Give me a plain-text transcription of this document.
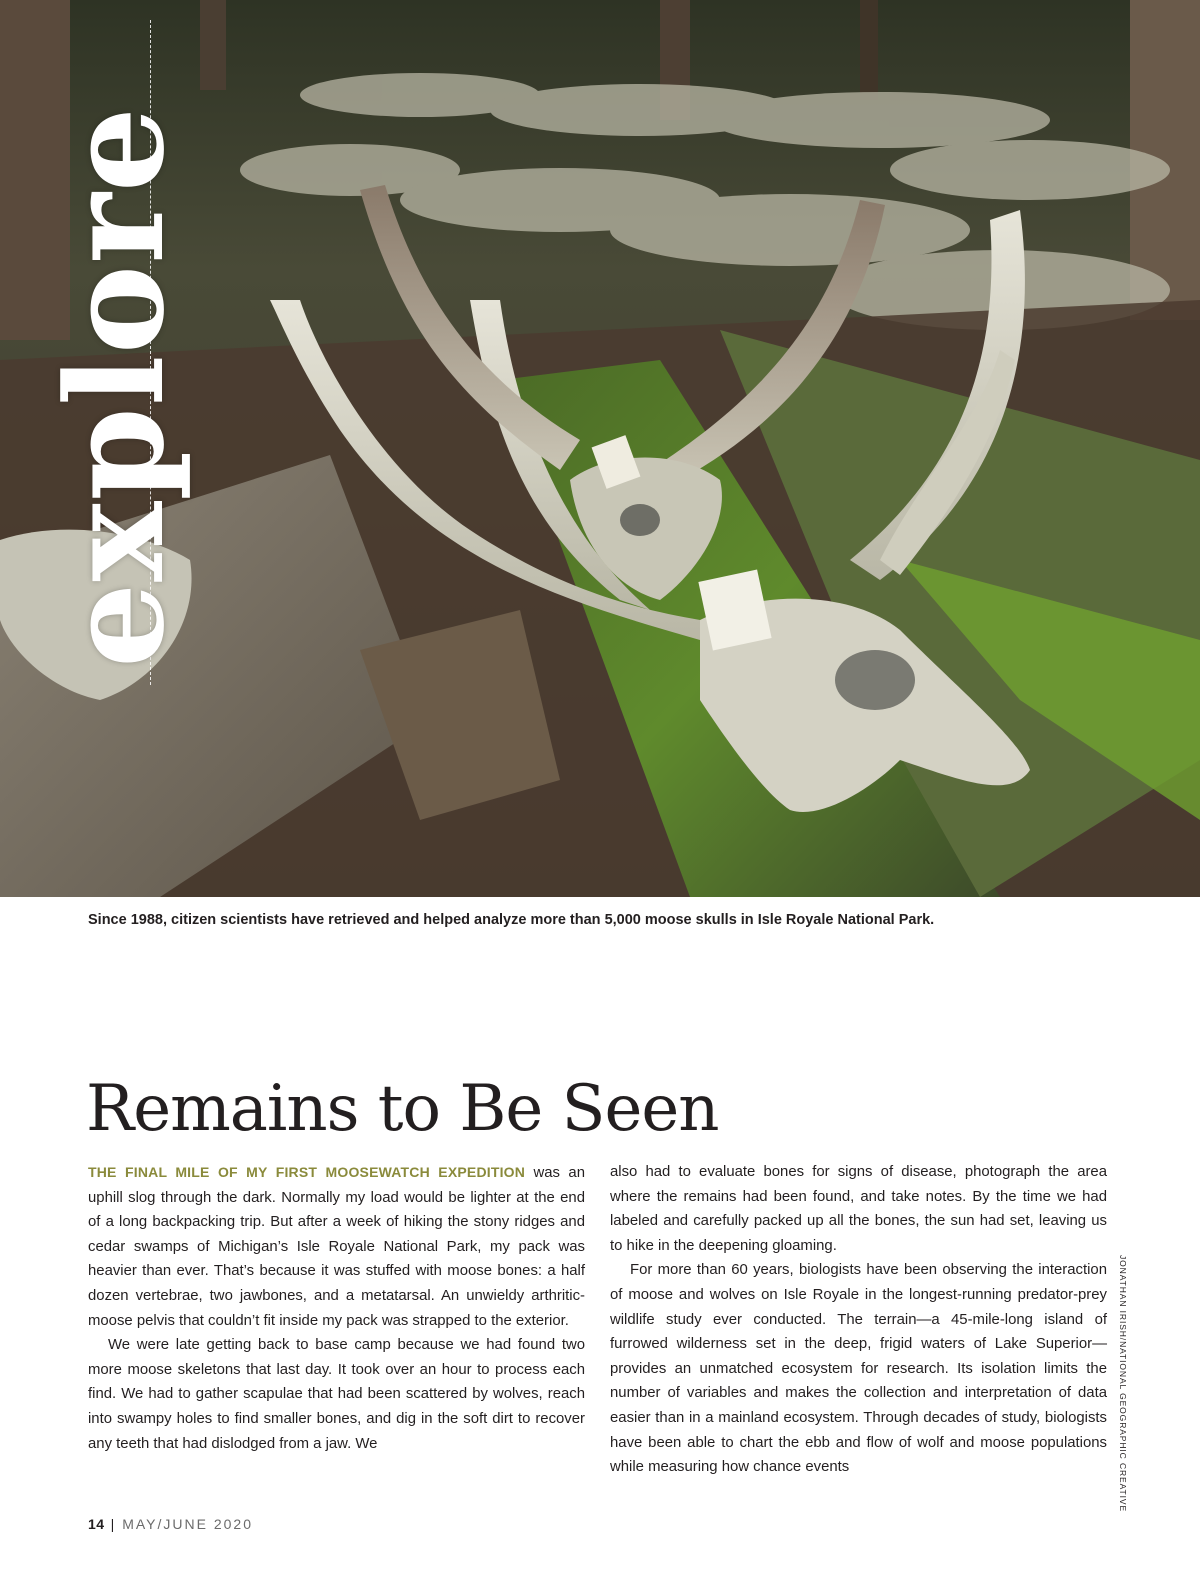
explore
Since 1988, citizen scientists have retrieved and helped analyze more than 5,000 moose skulls in Isle Royale National Park.
Remains to Be Seen

THE FINAL MILE OF MY FIRST MOOSEWATCH EXPEDITION was an uphill slog through the dark. Normally my load would be lighter at the end of a long backpacking trip. But after a week of hiking the stony ridges and cedar swamps of Michigan’s Isle Royale National Park, my pack was heavier than ever. That’s because it was stuffed with moose bones: a half dozen vertebrae, two jawbones, and a metatarsal. An unwieldy arthritic-moose pelvis that couldn’t fit inside my pack was strapped to the exterior.

We were late getting back to base camp because we had found two more moose skeletons that last day. It took over an hour to process each find. We had to gather scapulae that had been scattered by wolves, reach into swampy holes to find smaller bones, and dig in the soft dirt to recover any teeth that had dislodged from a jaw. We

also had to evaluate bones for signs of disease, photograph the area where the remains had been found, and take notes. By the time we had labeled and carefully packed up all the bones, the sun had set, leaving us to hike in the deepening gloaming.

For more than 60 years, biologists have been observing the interaction of moose and wolves on Isle Royale in the longest-running predator-prey wildlife study ever conducted. The terrain—a 45-mile-long island of furrowed wilderness set in the deep, frigid waters of Lake Superior—provides an unmatched ecosystem for research. Its isolation limits the number of variables and makes the collection and interpretation of data easier than in a mainland ecosystem. Through decades of study, biologists have been able to chart the ebb and flow of wolf and moose populations while measuring how chance events	JONATHAN IRISH/NATIONAL GEOGRAPHIC CREATIVE
14 | MAY/JUNE 2020
